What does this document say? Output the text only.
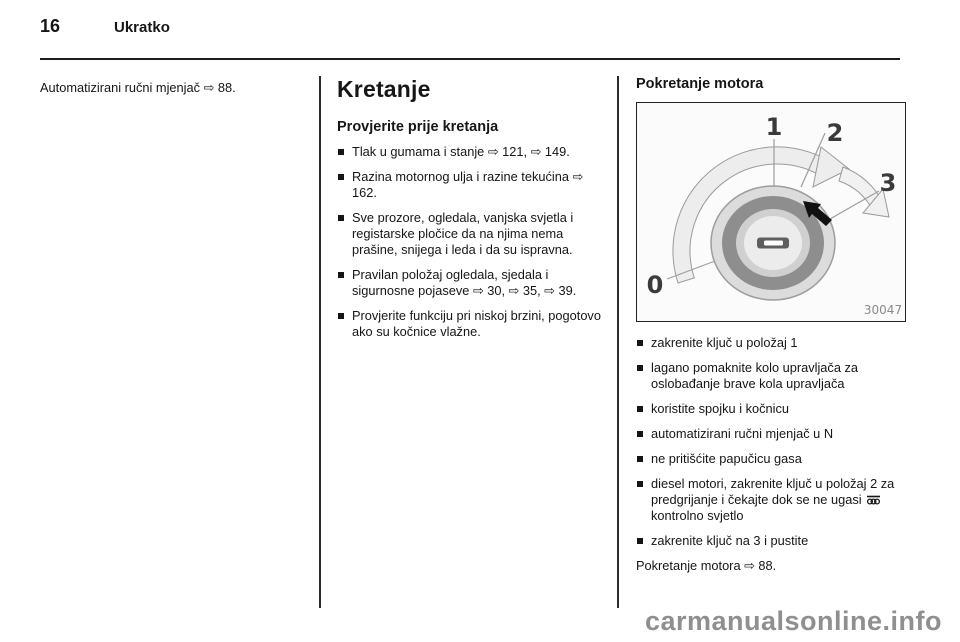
16	Ukratko
Automatizirani ručni mjenjač ⇨ 88.	Kretanje
Provjerite prije kretanja
Tlak u gumama i stanje ⇨ 121, ⇨ 149.
Razina motornog ulja i razine tekućina ⇨ 162.
Sve prozore, ogledala, vanjska svjetla i registarske pločice da na njima nema prašine, snijega i leda i da su ispravna.
Pravilan položaj ogledala, sjedala i sigurnosne pojaseve ⇨ 30, ⇨ 35, ⇨ 39.
Provjerite funkciju pri niskoj brzini, pogotovo ako su kočnice vlažne.
Pokretanje motora
1 2
3
0
30047
zakrenite ključ u položaj 1
lagano pomaknite kolo upravljača za oslobađanje brave kola upravljača
koristite spojku i kočnicu
automatizirani ručni mjenjač u N
ne pritišćite papučicu gasa
diesel motori, zakrenite ključ u položaj 2 za predgrijanje i čekajte dok se ne ugasi  kontrolno svjetlo
zakrenite ključ na 3 i pustite
Pokretanje motora ⇨ 88.
carmanualsonline.info
